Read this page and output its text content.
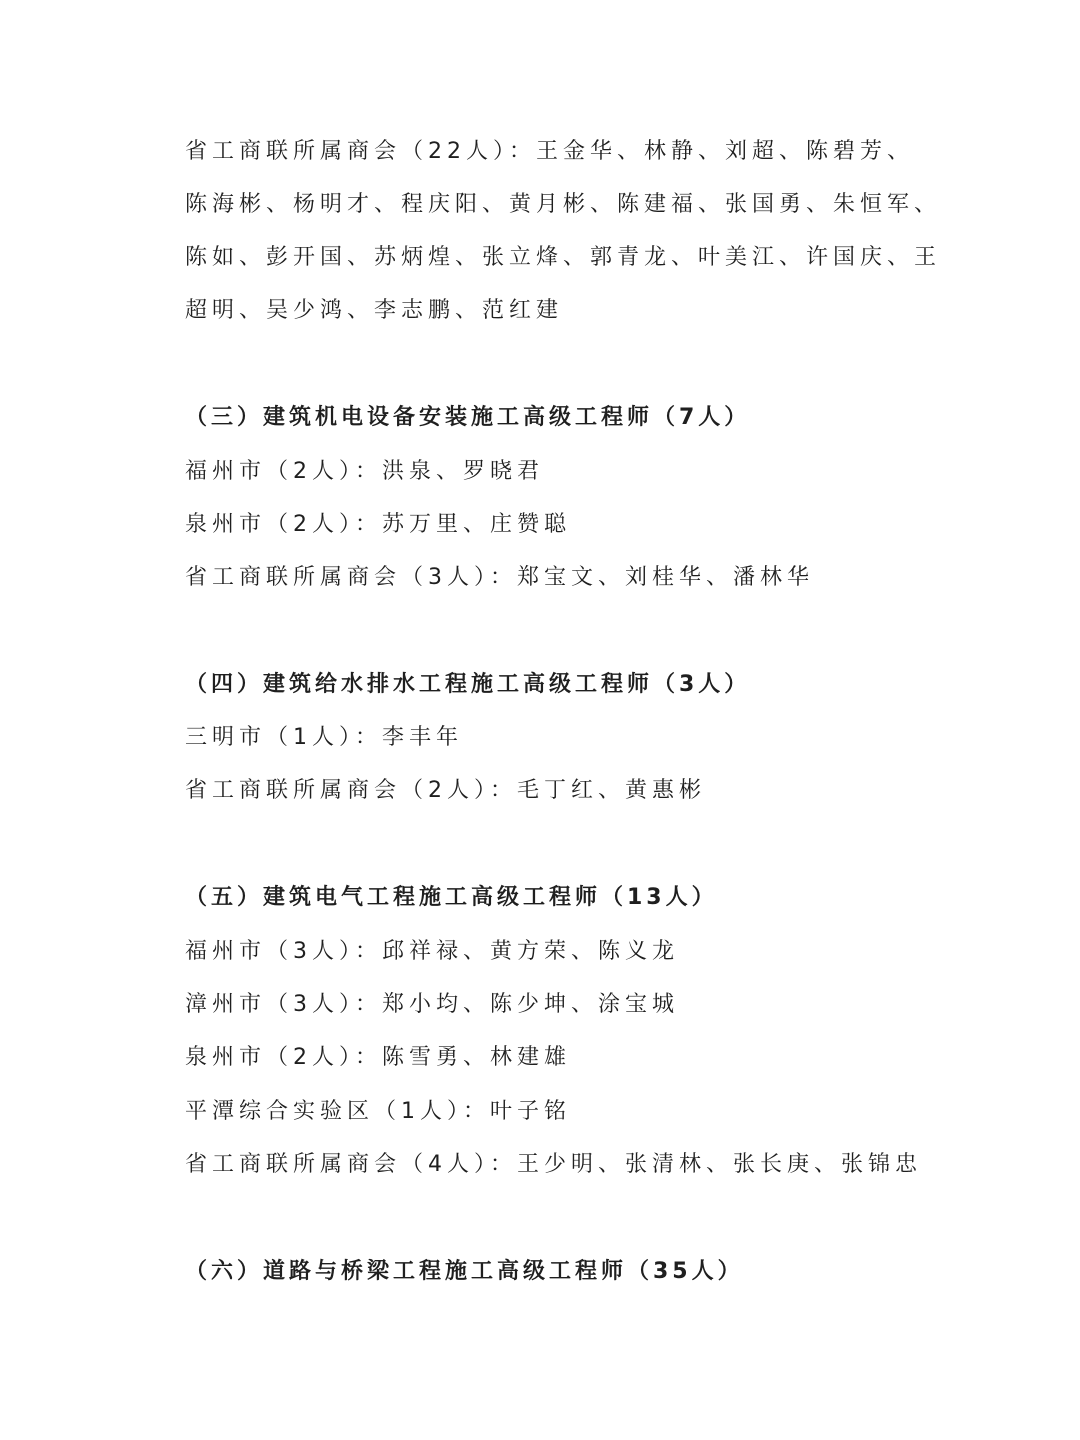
省工商联所属商会（22人）：王金华、林静、刘超、陈碧芳、
陈海彬、杨明才、程庆阳、黄月彬、陈建福、张国勇、朱恒军、
陈如、彭开国、苏炳煌、张立烽、郭青龙、叶美江、许国庆、王
超明、吴少鸿、李志鹏、范红建
（三）建筑机电设备安装施工高级工程师（7人）
福州市（2人）：洪泉、罗晓君
泉州市（2人）：苏万里、庄赞聪
省工商联所属商会（3人）：郑宝文、刘桂华、潘林华
（四）建筑给水排水工程施工高级工程师（3人）
三明市（1人）：李丰年
省工商联所属商会（2人）：毛丁红、黄惠彬
（五）建筑电气工程施工高级工程师（13人）
福州市（3人）：邱祥禄、黄方荣、陈义龙
漳州市（3人）：郑小均、陈少坤、涂宝城
泉州市（2人）：陈雪勇、林建雄
平潭综合实验区（1人）：叶子铭
省工商联所属商会（4人）：王少明、张清林、张长庚、张锦忠
（六）道路与桥梁工程施工高级工程师（35人）
